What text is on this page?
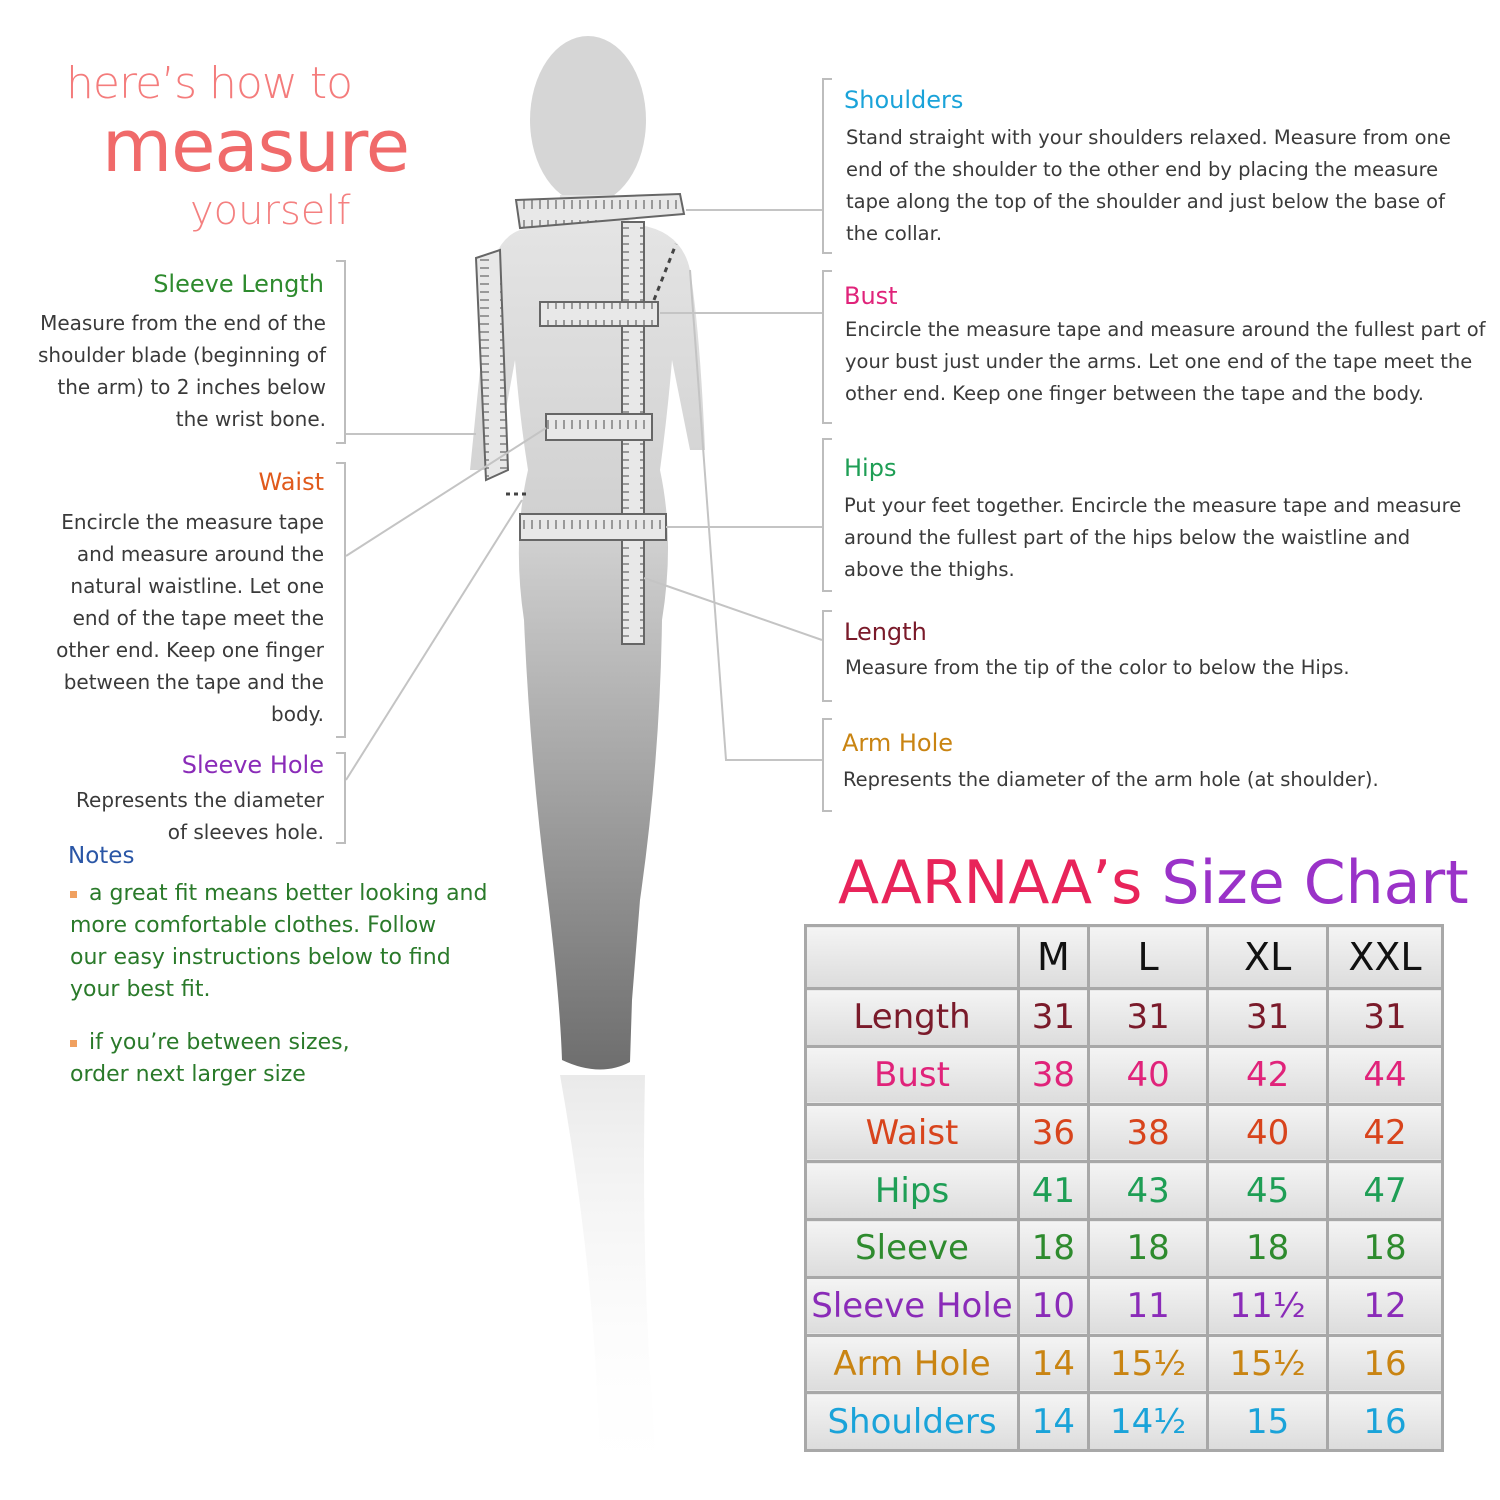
here’s how to
measure
yourself
Sleeve Length
Measure from the end of the
shoulder blade (beginning of
the arm) to 2 inches below
the wrist bone.
Waist
Encircle the measure tape
and measure around the
natural waistline. Let one
end of the tape meet the
other end. Keep one finger
between the tape and the
body.
Sleeve Hole
Represents the diameter
of sleeves hole.
Notes
a great fit means better looking and
more comfortable clothes. Follow
our easy instructions below to find
your best fit.
if you’re between sizes,
order next larger size
Shoulders
Stand straight with your shoulders relaxed. Measure from one
end of the shoulder to the other end by placing the measure
tape along the top of the shoulder and just below the base of
the collar.
Bust
Encircle the measure tape and measure around the fullest part of
your bust just under the arms. Let one end of the tape meet the
other end. Keep one finger between the tape and the body.
Hips
Put your feet together. Encircle the measure tape and measure
around the fullest part of the hips below the waistline and
above the thighs.
Length
Measure from the tip of the color to below the Hips.
Arm Hole
Represents the diameter of the arm hole (at shoulder).
AARNAA’s Size Chart
	M	L	XL	XXL
Length	31	31	31	31
Bust	38	40	42	44
Waist	36	38	40	42
Hips	41	43	45	47
Sleeve	18	18	18	18
Sleeve Hole	10	11	11½	12
Arm Hole	14	15½	15½	16
Shoulders	14	14½	15	16
